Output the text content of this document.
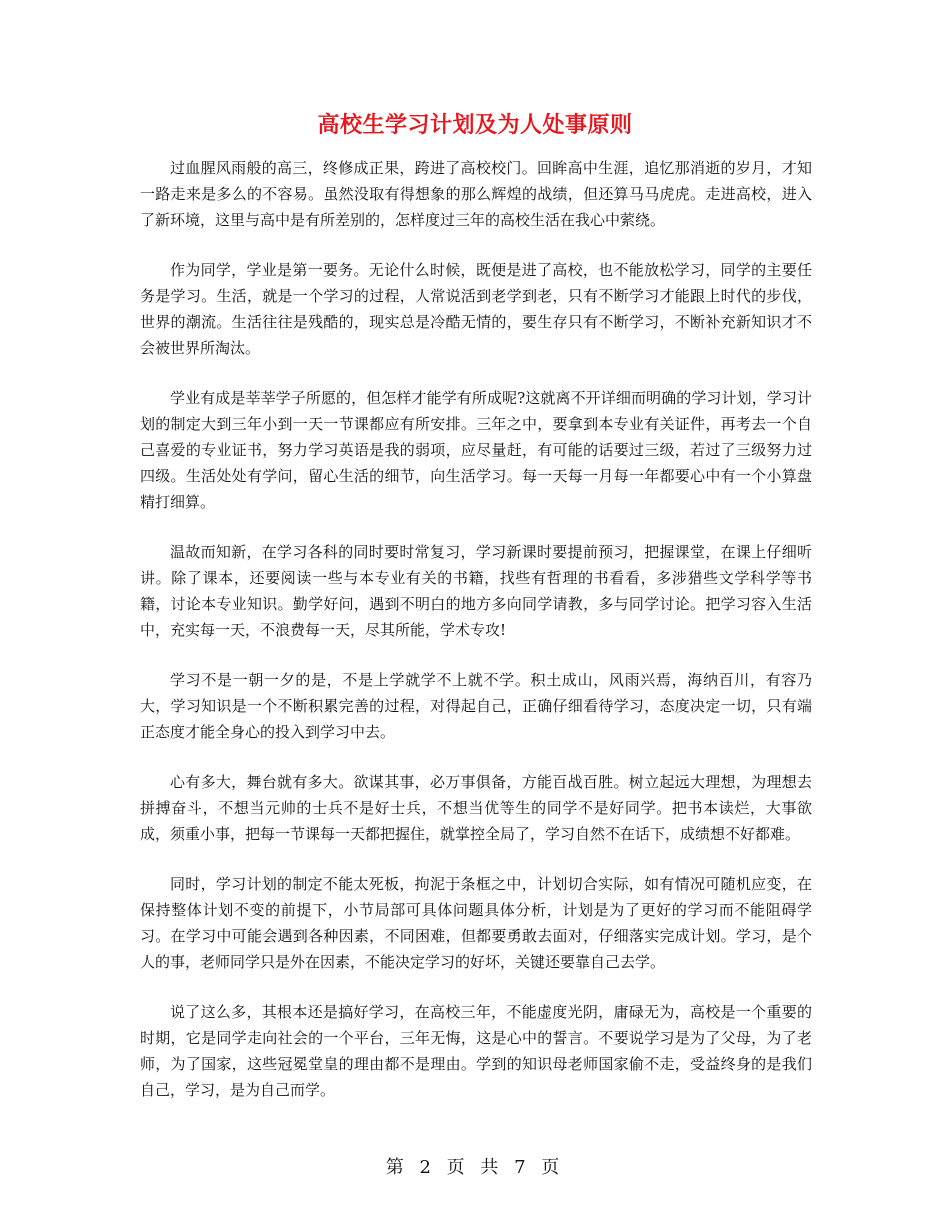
高校生学习计划及为人处事原则

过血腥风雨般的高三，终修成正果，跨进了高校校门。回眸高中生涯，追忆那消逝的岁月，才知一路走来是多么的不容易。虽然没取有得想象的那么辉煌的战绩，但还算马马虎虎。走进高校，进入了新环境，这里与高中是有所差别的，怎样度过三年的高校生活在我心中萦绕。

作为同学，学业是第一要务。无论什么时候，既便是进了高校，也不能放松学习，同学的主要任务是学习。生活，就是一个学习的过程，人常说活到老学到老，只有不断学习才能跟上时代的步伐，世界的潮流。生活往往是残酷的，现实总是冷酷无情的，要生存只有不断学习，不断补充新知识才不会被世界所淘汰。

学业有成是莘莘学子所愿的，但怎样才能学有所成呢?这就离不开详细而明确的学习计划，学习计划的制定大到三年小到一天一节课都应有所安排。三年之中，要拿到本专业有关证件，再考去一个自己喜爱的专业证书，努力学习英语是我的弱项，应尽量赶，有可能的话要过三级，若过了三级努力过四级。生活处处有学问，留心生活的细节，向生活学习。每一天每一月每一年都要心中有一个小算盘精打细算。

温故而知新，在学习各科的同时要时常复习，学习新课时要提前预习，把握课堂，在课上仔细听讲。除了课本，还要阅读一些与本专业有关的书籍，找些有哲理的书看看，多涉猎些文学科学等书籍，讨论本专业知识。勤学好问，遇到不明白的地方多向同学请教，多与同学讨论。把学习容入生活中，充实每一天，不浪费每一天，尽其所能，学术专攻!

学习不是一朝一夕的是，不是上学就学不上就不学。积土成山，风雨兴焉，海纳百川，有容乃大，学习知识是一个不断积累完善的过程，对得起自己，正确仔细看待学习，态度决定一切，只有端正态度才能全身心的投入到学习中去。

心有多大，舞台就有多大。欲谋其事，必万事俱备，方能百战百胜。树立起远大理想，为理想去拼搏奋斗，不想当元帅的士兵不是好士兵，不想当优等生的同学不是好同学。把书本读烂，大事欲成，须重小事，把每一节课每一天都把握住，就掌控全局了，学习自然不在话下，成绩想不好都难。

同时，学习计划的制定不能太死板，拘泥于条框之中，计划切合实际，如有情况可随机应变，在保持整体计划不变的前提下，小节局部可具体问题具体分析，计划是为了更好的学习而不能阻碍学习。在学习中可能会遇到各种因素，不同困难，但都要勇敢去面对，仔细落实完成计划。学习，是个人的事，老师同学只是外在因素，不能决定学习的好坏，关键还要靠自己去学。

说了这么多，其根本还是搞好学习，在高校三年，不能虚度光阴，庸碌无为，高校是一个重要的时期，它是同学走向社会的一个平台，三年无悔，这是心中的誓言。不要说学习是为了父母，为了老师，为了国家，这些冠冕堂皇的理由都不是理由。学到的知识母老师国家偷不走，受益终身的是我们自己，学习，是为自己而学。

第 2 页 共 7 页
